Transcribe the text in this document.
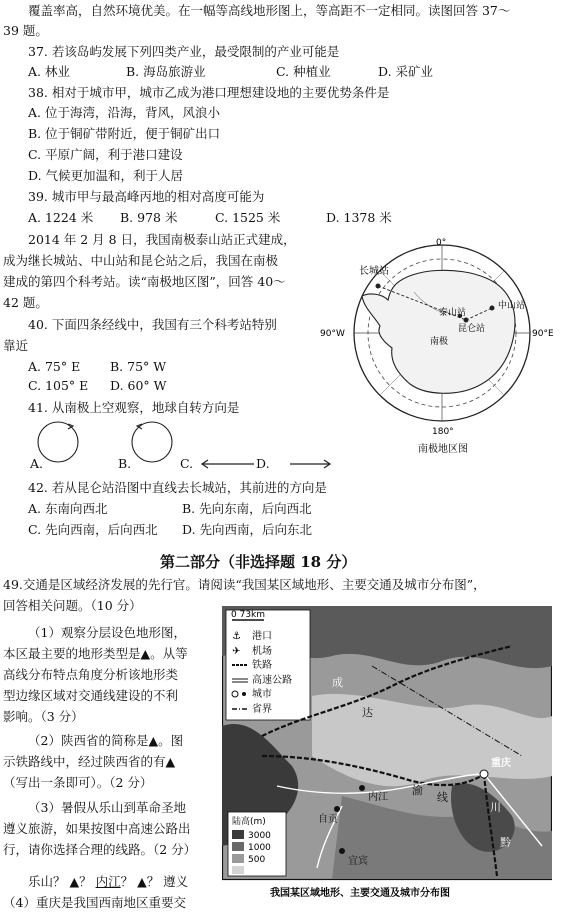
覆盖率高，自然环境优美。在一幅等高线地形图上，等高距不一定相同。读图回答 37～
39 题。
37. 若该岛屿发展下列四类产业，最受限制的产业可能是
A. 林业	B. 海岛旅游业	C. 种植业	D. 采矿业
38. 相对于城市甲，城市乙成为港口理想建设地的主要优势条件是
A. 位于海湾，沿海，背风，风浪小
B. 位于铜矿带附近，便于铜矿出口
C. 平原广阔，利于港口建设
D. 气候更加温和，利于人居
39. 城市甲与最高峰丙地的相对高度可能为
A. 1224 米 B. 978 米	C. 1525 米	D. 1378 米
2014 年 2 月 8 日，我国南极泰山站正式建成，
成为继长城站、中山站和昆仑站之后，我国在南极
建成的第四个科考站。读“南极地区图”，回答 40～
42 题。
40. 下面四条经线中，我国有三个科考站特别
靠近
A. 75° E B. 75° W
C. 105° E D. 60° W
41. 从南极上空观察，地球自转方向是
A.	B.	C.	D.
42. 若从昆仑站沿图中直线去长城站，其前进的方向是
A. 东南向西北	B. 先向东南，后向西北
C. 先向西南，后向西北 D. 先向西南，后向东北
长城站
泰山站
中山站
昆仑站
南极
0°
90°W	90°E
180°
南极地区图
第二部分（非选择题 18 分）
49.交通是区域经济发展的先行官。请阅读“我国某区域地形、主要交通及城市分布图”，
回答相关问题。（10 分）
（1）观察分层设色地形图，
本区最主要的地形类型是▲。从等
高线分布特点角度分析该地形类
型边缘区域对交通线建设的不利
影响。（3 分）
（2）陕西省的简称是▲。图
示铁路线中，经过陕西省的有▲
（写出一条即可）。（2 分）
（3）暑假从乐山到革命圣地
遵义旅游，如果按图中高速公路出
行，请你选择合理的线路。（2 分）
乐山？ ▲？ 内江？ ▲？ 遵义
（4）重庆是我国西南地区重要交
0 73km
⚓ 港口
✈ 机场
铁路
高速公路
城市
省界
重庆
内江
自贡
宜宾
成
达
渝
线
川
黔
陆高(m)
3000
1000
500
我国某区域地形、主要交通及城市分布图
